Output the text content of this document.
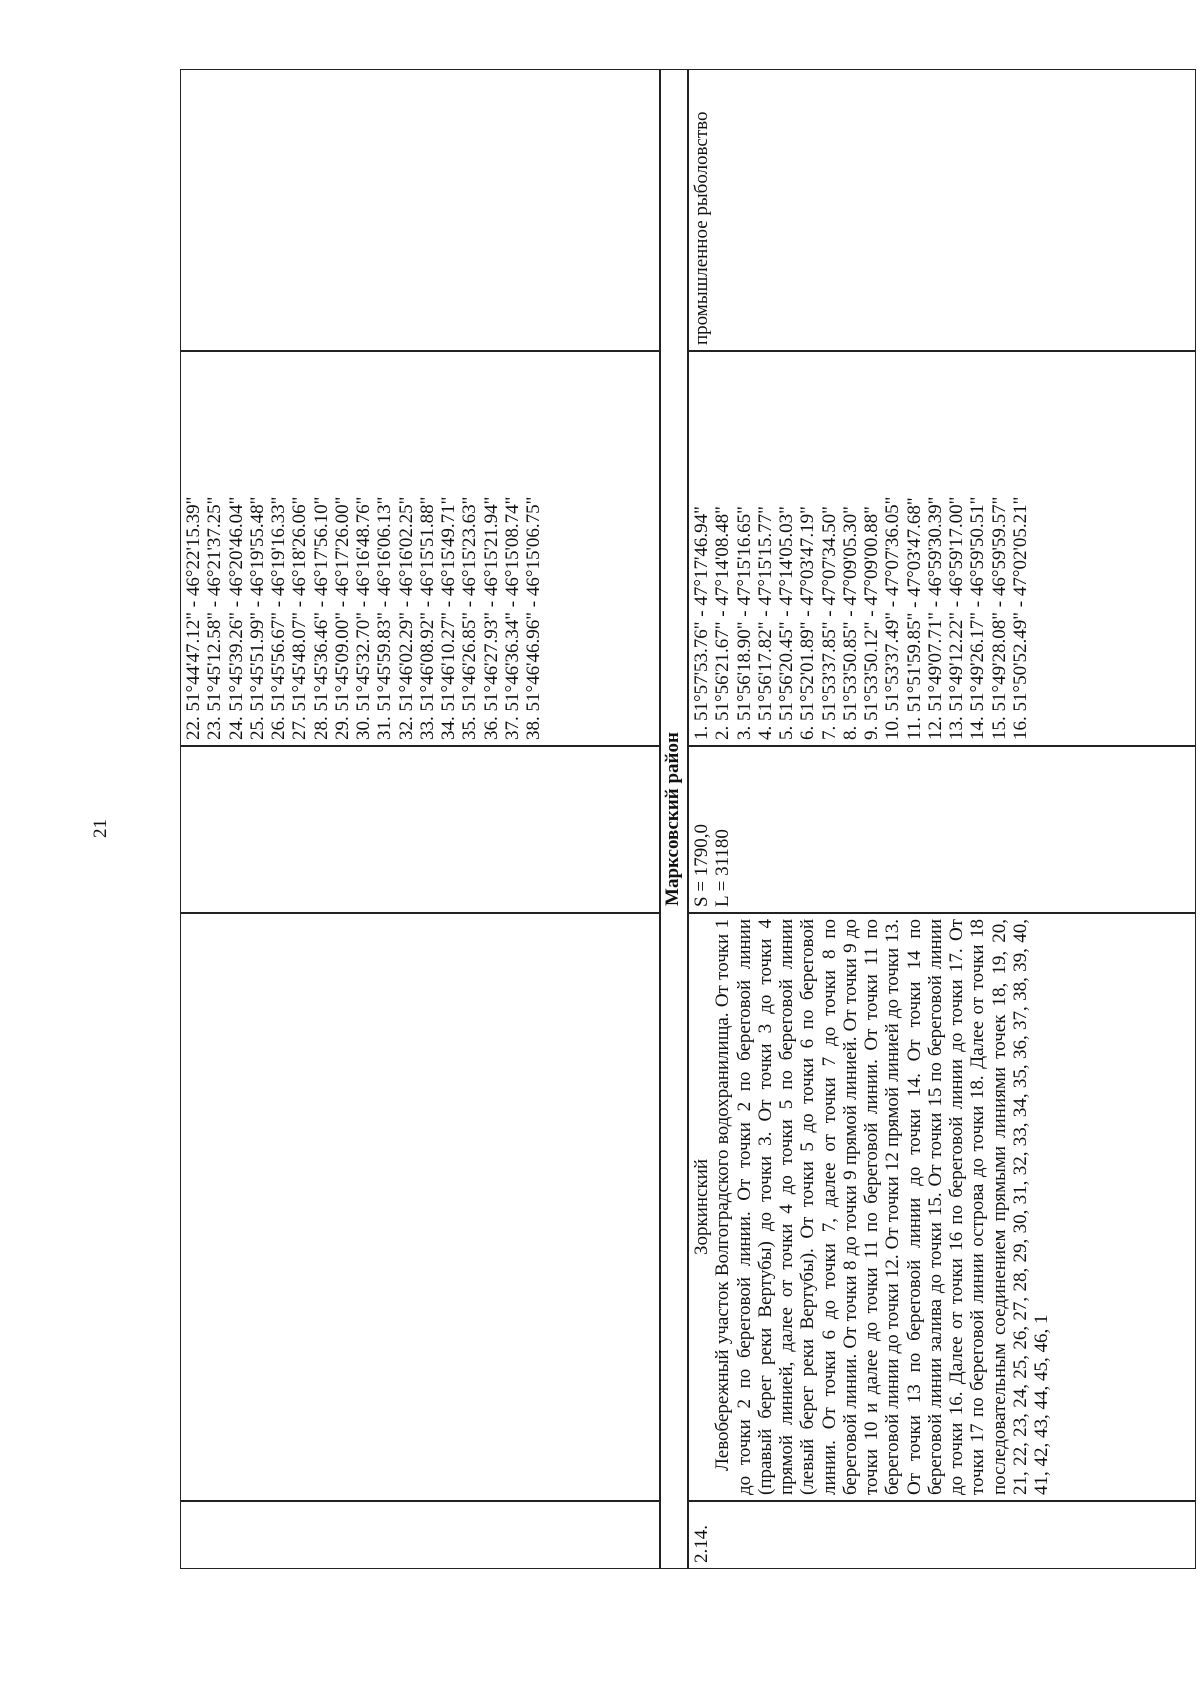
21
22. 51°44'47.12" - 46°22'15.39" 23. 51°45'12.58" - 46°21'37.25" 24. 51°45'39.26" - 46°20'46.04" 25. 51°45'51.99" - 46°19'55.48" 26. 51°45'56.67" - 46°19'16.33" 27. 51°45'48.07" - 46°18'26.06" 28. 51°45'36.46" - 46°17'56.10" 29. 51°45'09.00" - 46°17'26.00" 30. 51°45'32.70" - 46°16'48.76" 31. 51°45'59.83" - 46°16'06.13" 32. 51°46'02.29" - 46°16'02.25" 33. 51°46'08.92" - 46°15'51.88" 34. 51°46'10.27" - 46°15'49.71" 35. 51°46'26.85" - 46°15'23.63" 36. 51°46'27.93" - 46°15'21.94" 37. 51°46'36.34" - 46°15'08.74" 38. 51°46'46.96" - 46°15'06.75"
Марксовский район
2.14.
Зоркинский Левобережный участок Волгоградского водохранилища. От точки 1 до точки 2 по береговой линии. От точки 2 по береговой линии (правый берег реки Вертубы) до точки 3. От точки 3 до точки 4 прямой линией, далее от точки 4 до точки 5 по береговой линии (левый берег реки Вертубы). От точки 5 до точки 6 по береговой линии. От точки 6 до точки 7, далее от точки 7 до точки 8 по береговой линии. От точки 8 до точки 9 прямой линией. От точки 9 до точки 10 и далее до точки 11 по береговой линии. От точки 11 по береговой линии до точки 12. От точки 12 прямой линией до точки 13. От точки 13 по береговой линии до точки 14. От точки 14 по береговой линии залива до точки 15. От точки 15 по береговой линии до точки 16. Далее от точки 16 по береговой линии до точки 17. От точки 17 по береговой линии острова до точки 18. Далее от точки 18 последовательным соединением прямыми линиями точек 18, 19, 20, 21, 22, 23, 24, 25, 26, 27, 28, 29, 30, 31, 32, 33, 34, 35, 36, 37, 38, 39, 40, 41, 42, 43, 44, 45, 46, 1
S = 1790,0 L = 31180
1. 51°57'53.76" - 47°17'46.94" 2. 51°56'21.67" - 47°14'08.48" 3. 51°56'18.90" - 47°15'16.65" 4. 51°56'17.82" - 47°15'15.77" 5. 51°56'20.45" - 47°14'05.03" 6. 51°52'01.89" - 47°03'47.19" 7. 51°53'37.85" - 47°07'34.50" 8. 51°53'50.85" - 47°09'05.30" 9. 51°53'50.12" - 47°09'00.88" 10. 51°53'37.49" - 47°07'36.05" 11. 51°51'59.85" - 47°03'47.68" 12. 51°49'07.71" - 46°59'30.39" 13. 51°49'12.22" - 46°59'17.00" 14. 51°49'26.17" - 46°59'50.51" 15. 51°49'28.08" - 46°59'59.57" 16. 51°50'52.49" - 47°02'05.21"
промышленное рыболовство
